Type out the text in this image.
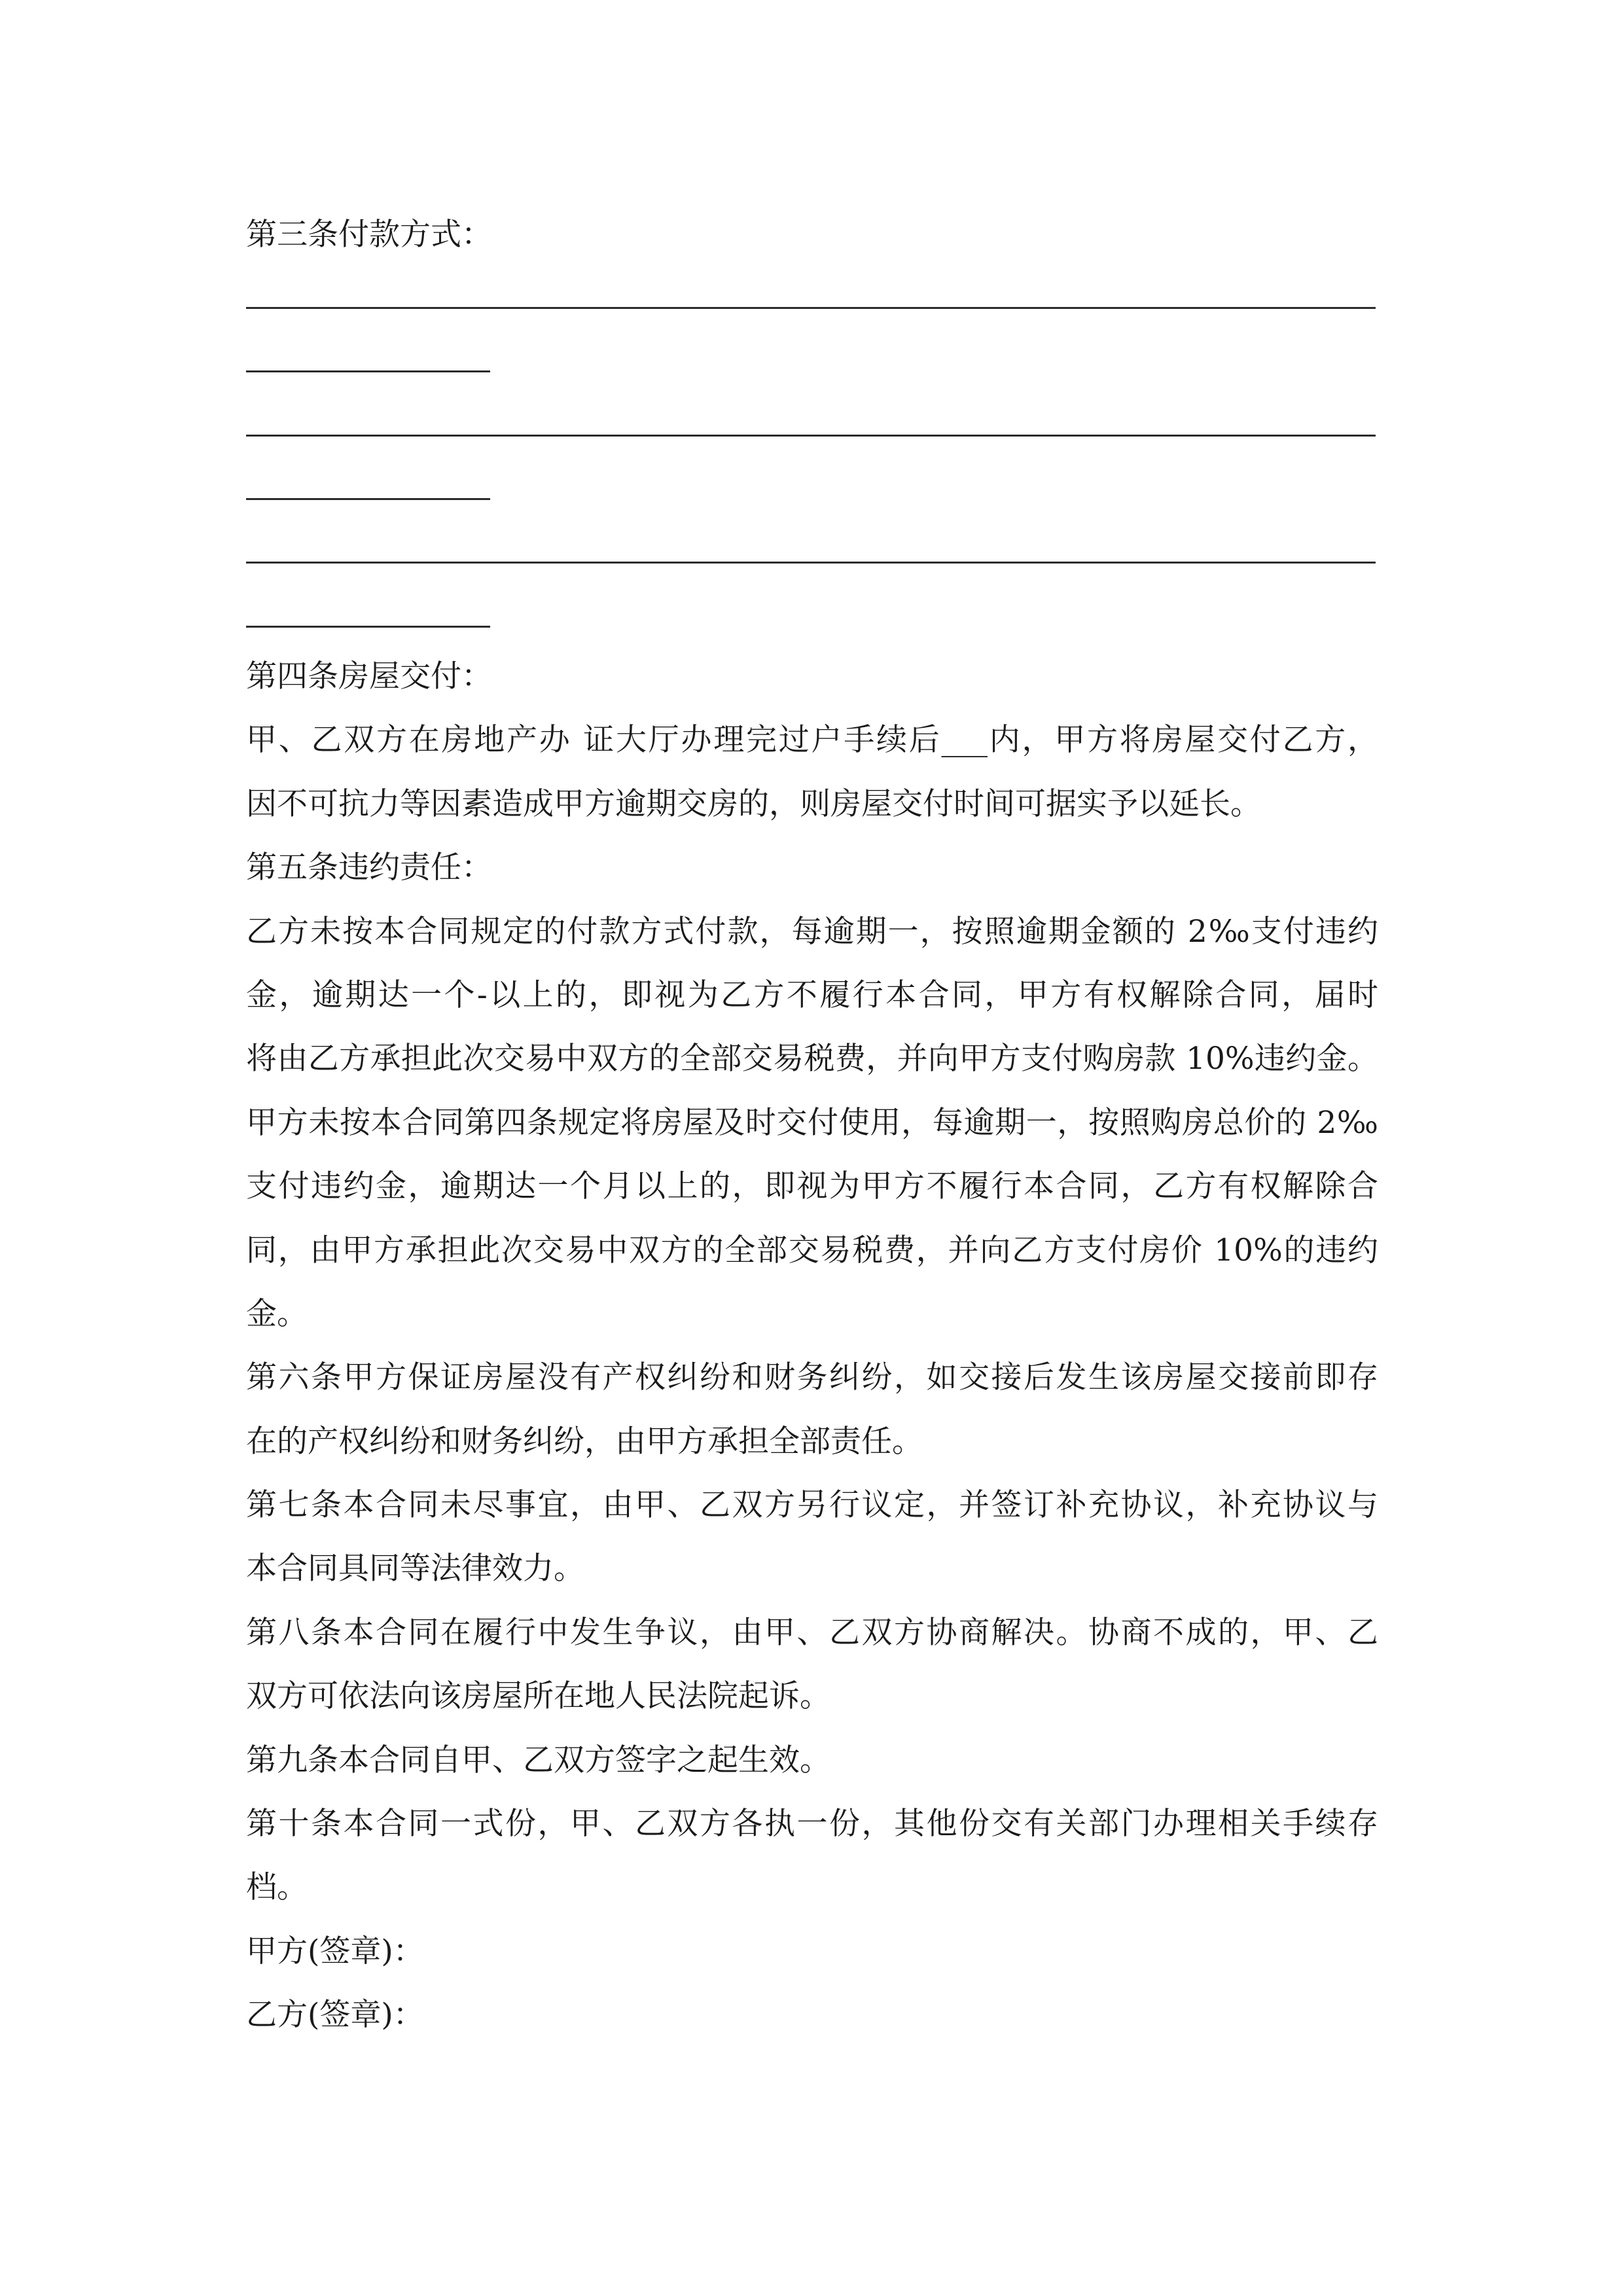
第三条付款方式：
第四条房屋交付：
甲、乙双方在房地产办 证大厅办理完过户手续后___内，甲方将房屋交付乙方，
因不可抗力等因素造成甲方逾期交房的，则房屋交付时间可据实予以延长。
第五条违约责任：
乙方未按本合同规定的付款方式付款，每逾期一，按照逾期金额的 2‰支付违约
金，逾期达一个-以上的，即视为乙方不履行本合同，甲方有权解除合同，届时
将由乙方承担此次交易中双方的全部交易税费，并向甲方支付购房款 10%违约金。
甲方未按本合同第四条规定将房屋及时交付使用，每逾期一，按照购房总价的 2‰
支付违约金，逾期达一个月以上的，即视为甲方不履行本合同，乙方有权解除合
同，由甲方承担此次交易中双方的全部交易税费，并向乙方支付房价 10%的违约
金。
第六条甲方保证房屋没有产权纠纷和财务纠纷，如交接后发生该房屋交接前即存
在的产权纠纷和财务纠纷，由甲方承担全部责任。
第七条本合同未尽事宜，由甲、乙双方另行议定，并签订补充协议，补充协议与
本合同具同等法律效力。
第八条本合同在履行中发生争议，由甲、乙双方协商解决。协商不成的，甲、乙
双方可依法向该房屋所在地人民法院起诉。
第九条本合同自甲、乙双方签字之起生效。
第十条本合同一式份，甲、乙双方各执一份，其他份交有关部门办理相关手续存
档。
甲方(签章)：
乙方(签章)：
